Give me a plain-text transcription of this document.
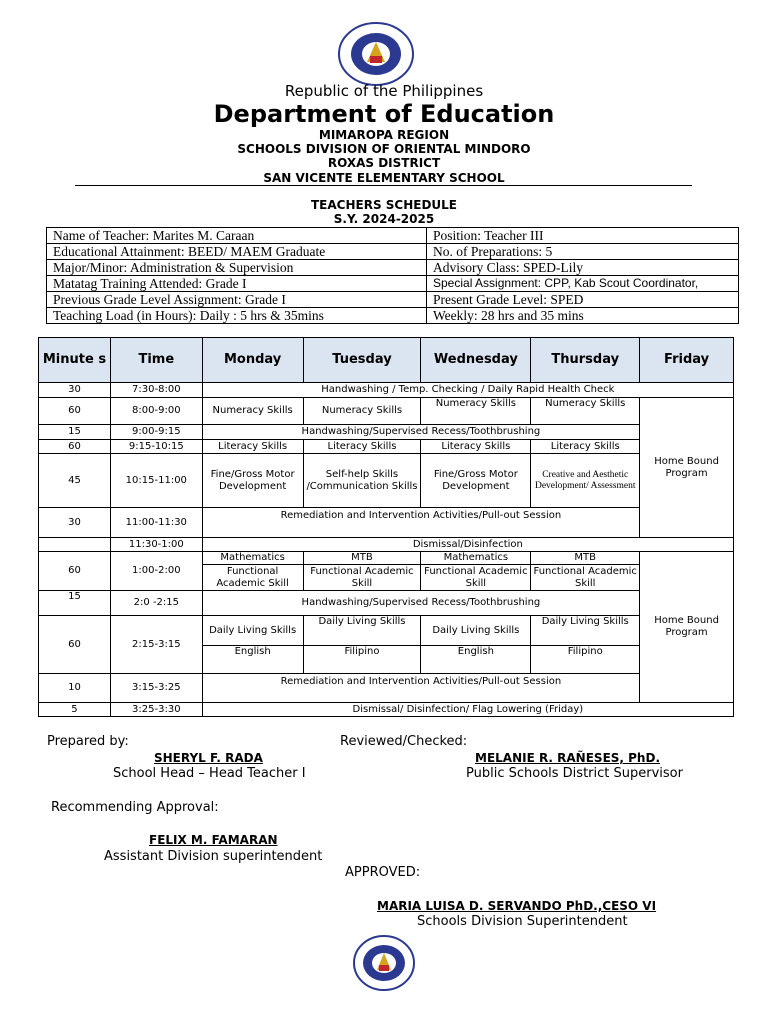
Republic of the Philippines
Department of Education
MIMAROPA REGION
SCHOOLS DIVISION OF ORIENTAL MINDORO
ROXAS DISTRICT
SAN VICENTE ELEMENTARY SCHOOL
TEACHERS SCHEDULE
S.Y. 2024-2025
Name of Teacher: Marites M. Caraan	Position: Teacher III
Educational Attainment: BEED/ MAEM Graduate	No. of Preparations: 5
Major/Minor: Administration & Supervision	Advisory Class: SPED-Lily
Matatag Training Attended: Grade I	Special Assignment: CPP, Kab Scout Coordinator,
Previous Grade Level Assignment: Grade I	Present Grade Level: SPED
Teaching Load (in Hours): Daily : 5 hrs & 35mins	Weekly: 28 hrs and 35 mins
Minute s	Time	Monday	Tuesday	Wednesday	Thursday	Friday
30	7:30-8:00	Handwashing / Temp. Checking / Daily Rapid Health Check				
60	8:00-9:00	Numeracy Skills	Numeracy Skills	Numeracy Skills	Numeracy Skills	Home Bound Program
15	9:00-9:15	Handwashing/Supervised Recess/Toothbrushing				
60	9:15-10:15	Literacy Skills	Literacy Skills	Literacy Skills	Literacy Skills	
45	10:15-11:00	Fine/Gross Motor Development	Self-help Skills /Communication Skills	Fine/Gross Motor Development	Creative and Aesthetic Development/ Assessment	
30	11:00-11:30	Remediation and Intervention Activities/Pull-out Session				
	11:30-1:00	Dismissal/Disinfection				
60	1:00-2:00	Mathematics	MTB	Mathematics	MTB	Home Bound Program
		Functional Academic Skill	Functional Academic Skill	Functional Academic Skill	Functional Academic Skill	
15	2:0 -2:15	Handwashing/Supervised Recess/Toothbrushing				
60	2:15-3:15	Daily Living Skills	Daily Living Skills	Daily Living Skills	Daily Living Skills	
		English	Filipino	English	Filipino	
10	3:15-3:25	Remediation and Intervention Activities/Pull-out Session				
5	3:25-3:30	Dismissal/ Disinfection/ Flag Lowering (Friday)				
Prepared by:
SHERYL F. RADA
School Head – Head Teacher I
Reviewed/Checked:
MELANIE R. RAÑESES, PhD.
Public Schools District Supervisor
Recommending Approval:
FELIX M. FAMARAN
Assistant Division superintendent
APPROVED:
MARIA LUISA D. SERVANDO PhD.,CESO VI
Schools Division Superintendent
